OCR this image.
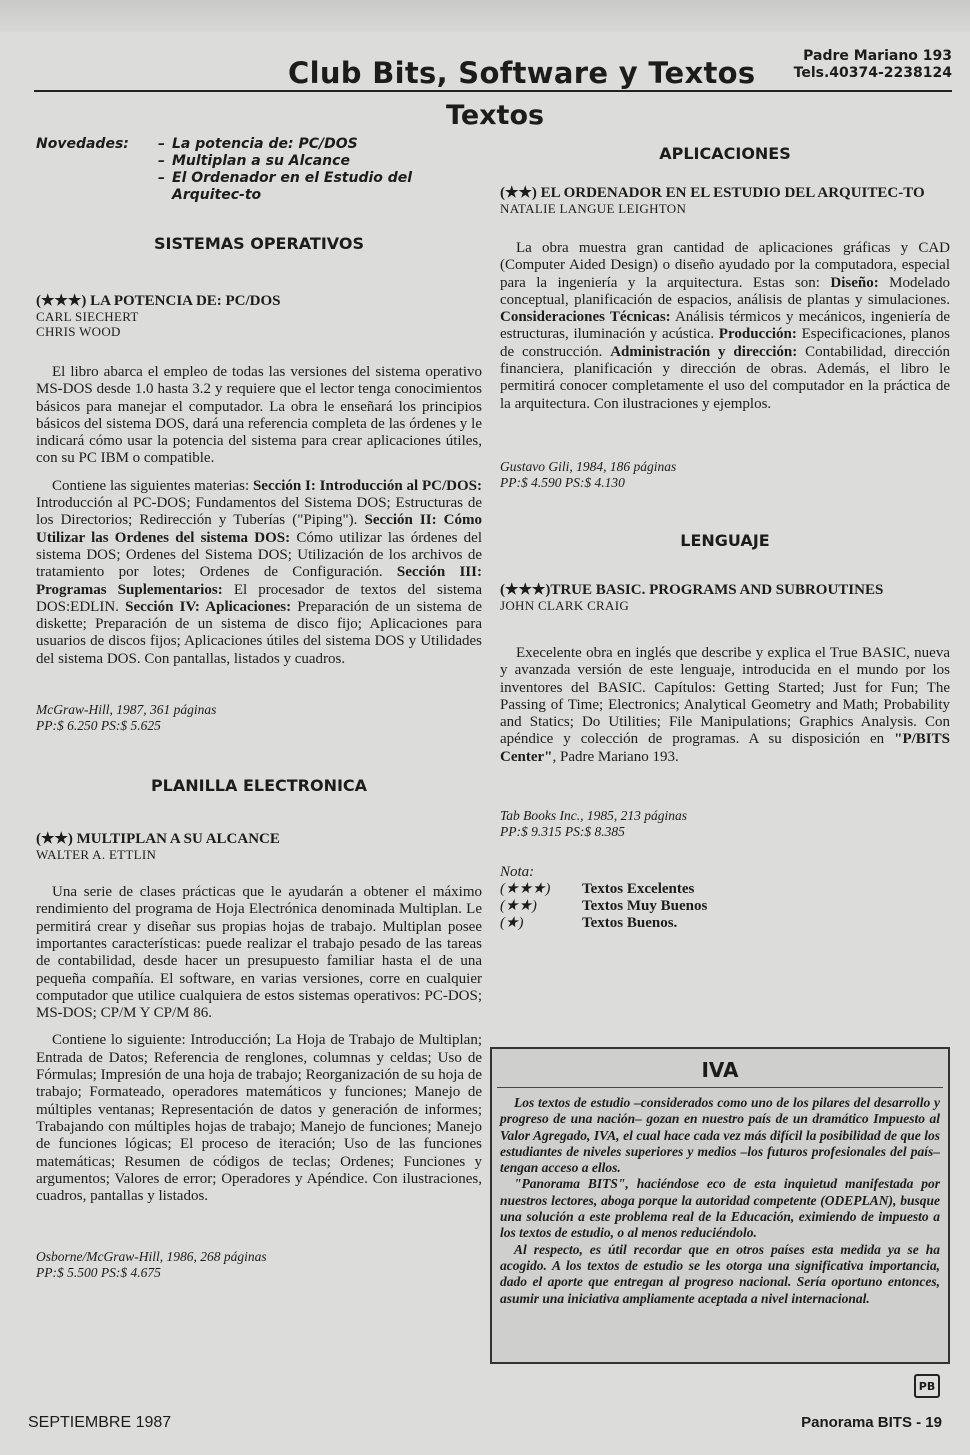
Club Bits, Software y Textos	Padre Mariano 193
Tels.40374-2238124
Textos
Novedades:	– La potencia de: PC/DOS
– Multiplan a su Alcance
– El Ordenador en el Estudio del Arquitec-to
SISTEMAS OPERATIVOS
(★★★) LA POTENCIA DE: PC/DOS
CARL SIECHERT
CHRIS WOOD

El libro abarca el empleo de todas las versiones del sistema operativo MS-DOS desde 1.0 hasta 3.2 y requiere que el lector tenga conocimientos básicos para manejar el computador. La obra le enseñará los principios básicos del sistema DOS, dará una referencia completa de las órdenes y le indicará cómo usar la potencia del sistema para crear aplicaciones útiles, con su PC IBM o compatible.

Contiene las siguientes materias: Sección I: Introducción al PC/DOS: Introducción al PC-DOS; Fundamentos del Sistema DOS; Estructuras de los Directorios; Redirección y Tuberías ("Piping"). Sección II: Cómo Utilizar las Ordenes del sistema DOS: Cómo utilizar las órdenes del sistema DOS; Ordenes del Sistema DOS; Utilización de los archivos de tratamiento por lotes; Ordenes de Configuración. Sección III: Programas Suplementarios: El procesador de textos del sistema DOS:EDLIN. Sección IV: Aplicaciones: Preparación de un sistema de diskette; Preparación de un sistema de disco fijo; Aplicaciones para usuarios de discos fijos; Aplicaciones útiles del sistema DOS y Utilidades del sistema DOS. Con pantallas, listados y cuadros.

McGraw-Hill, 1987, 361 páginas
PP:$ 6.250 PS:$ 5.625
PLANILLA ELECTRONICA
(★★) MULTIPLAN A SU ALCANCE
WALTER A. ETTLIN

Una serie de clases prácticas que le ayudarán a obtener el máximo rendimiento del programa de Hoja Electrónica denominada Multiplan. Le permitirá crear y diseñar sus propias hojas de trabajo. Multiplan posee importantes características: puede realizar el trabajo pesado de las tareas de contabilidad, desde hacer un presupuesto familiar hasta el de una pequeña compañía. El software, en varias versiones, corre en cualquier computador que utilice cualquiera de estos sistemas operativos: PC-DOS; MS-DOS; CP/M Y CP/M 86.

Contiene lo siguiente: Introducción; La Hoja de Trabajo de Multiplan; Entrada de Datos; Referencia de renglones, columnas y celdas; Uso de Fórmulas; Impresión de una hoja de trabajo; Reorganización de su hoja de trabajo; Formateado, operadores matemáticos y funciones; Manejo de múltiples ventanas; Representación de datos y generación de informes; Trabajando con múltiples hojas de trabajo; Manejo de funciones; Manejo de funciones lógicas; El proceso de iteración; Uso de las funciones matemáticas; Resumen de códigos de teclas; Ordenes; Funciones y argumentos; Valores de error; Operadores y Apéndice. Con ilustraciones, cuadros, pantallas y listados.

Osborne/McGraw-Hill, 1986, 268 páginas
PP:$ 5.500 PS:$ 4.675
APLICACIONES
(★★) EL ORDENADOR EN EL ESTUDIO DEL ARQUITEC-TO
NATALIE LANGUE LEIGHTON

La obra muestra gran cantidad de aplicaciones gráficas y CAD (Computer Aided Design) o diseño ayudado por la computadora, especial para la ingeniería y la arquitectura. Estas son: Diseño: Modelado conceptual, planificación de espacios, análisis de plantas y simulaciones. Consideraciones Técnicas: Análisis térmicos y mecánicos, ingeniería de estructuras, iluminación y acústica. Producción: Especificaciones, planos de construcción. Administración y dirección: Contabilidad, dirección financiera, planificación y dirección de obras. Además, el libro le permitirá conocer completamente el uso del computador en la práctica de la arquitectura. Con ilustraciones y ejemplos.

Gustavo Gili, 1984, 186 páginas
PP:$ 4.590 PS:$ 4.130
LENGUAJE
(★★★)TRUE BASIC. PROGRAMS AND SUBROUTINES
JOHN CLARK CRAIG

Execelente obra en inglés que describe y explica el True BASIC, nueva y avanzada versión de este lenguaje, introducida en el mundo por los inventores del BASIC. Capítulos: Getting Started; Just for Fun; The Passing of Time; Electronics; Analytical Geometry and Math; Probability and Statics; Do Utilities; File Manipulations; Graphics Analysis. Con apéndice y colección de programas. A su disposición en "P/BITS Center", Padre Mariano 193.

Tab Books Inc., 1985, 213 páginas
PP:$ 9.315 PS:$ 8.385
Nota:
(★★★)	Textos Excelentes
(★★)	Textos Muy Buenos
(★)	Textos Buenos.
IVA

Los textos de estudio –considerados como uno de los pilares del desarrollo y progreso de una nación– gozan en nuestro país de un dramático Impuesto al Valor Agregado, IVA, el cual hace cada vez más difícil la posibilidad de que los estudiantes de niveles superiores y medios –los futuros profesionales del país– tengan acceso a ellos.

"Panorama BITS", haciéndose eco de esta inquietud manifestada por nuestros lectores, aboga porque la autoridad competente (ODEPLAN), busque una solución a este problema real de la Educación, eximiendo de impuesto a los textos de estudio, o al menos reduciéndolo.

Al respecto, es útil recordar que en otros países esta medida ya se ha acogido. A los textos de estudio se les otorga una significativa importancia, dado el aporte que entregan al progreso nacional. Sería oportuno entonces, asumir una iniciativa ampliamente aceptada a nivel internacional.

PB
SEPTIEMBRE 1987	Panorama BITS - 19
